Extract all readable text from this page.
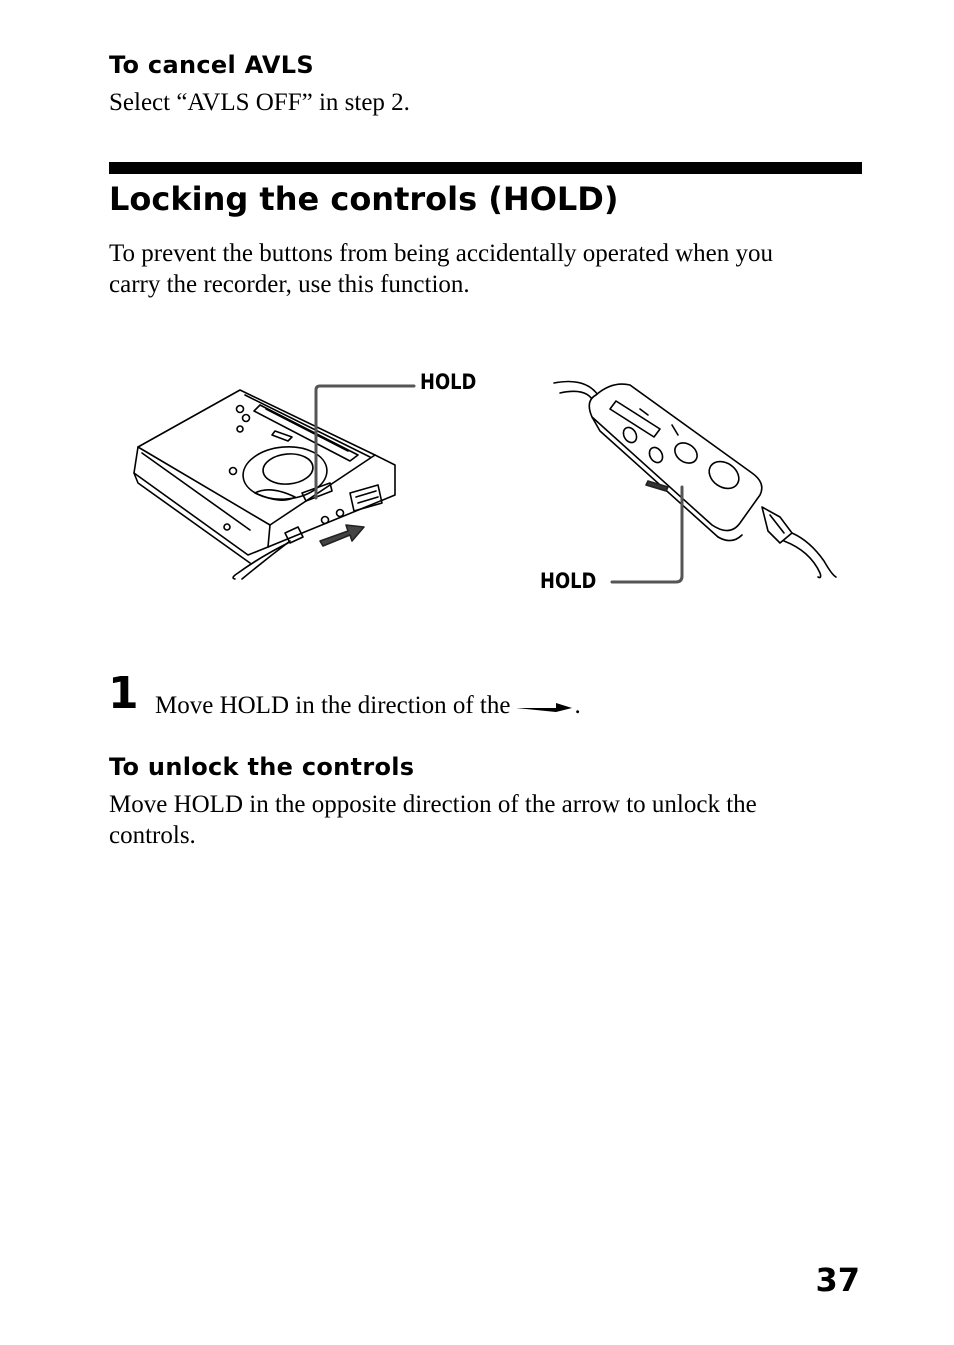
To cancel AVLS

Select “AVLS OFF” in step 2.

Locking the controls (HOLD)

To prevent the buttons from being accidentally operated when you

carry the recorder, use this function.

HOLD
HOLD
1 Move HOLD in the direction of the	.
To unlock the controls

Move HOLD in the opposite direction of the arrow to unlock the

controls.

37
